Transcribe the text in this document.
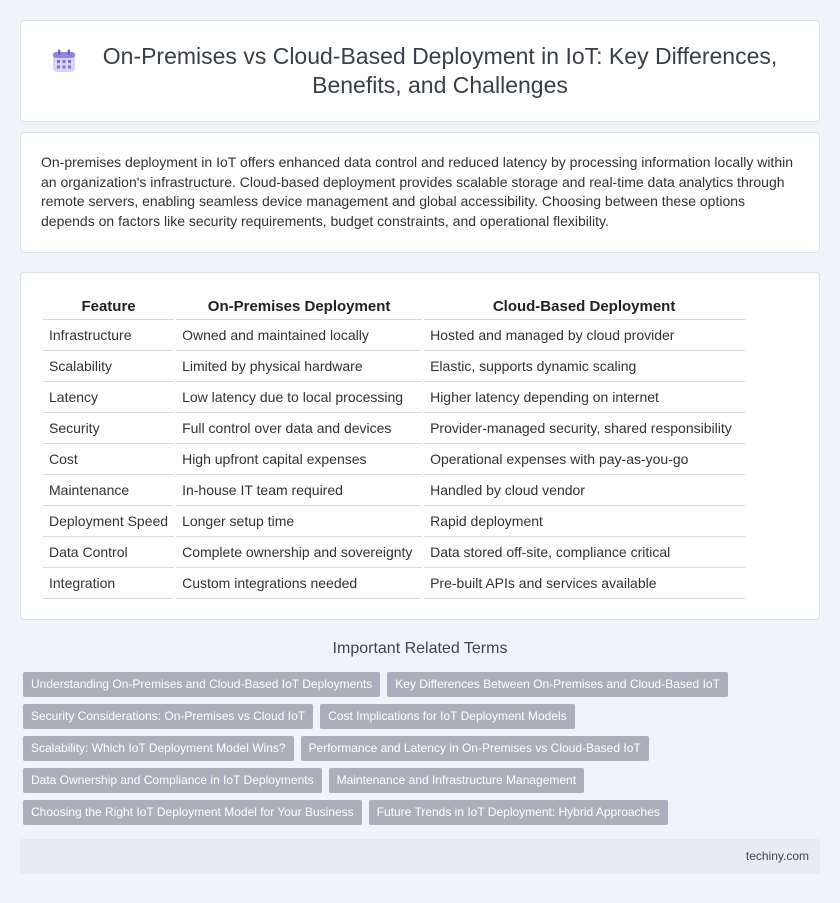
On-Premises vs Cloud-Based Deployment in IoT: Key Differences, Benefits, and Challenges

On-premises deployment in IoT offers enhanced data control and reduced latency by processing information locally within an organization's infrastructure. Cloud-based deployment provides scalable storage and real-time data analytics through remote servers, enabling seamless device management and global accessibility. Choosing between these options depends on factors like security requirements, budget constraints, and operational flexibility.

Feature	On-Premises Deployment	Cloud-Based Deployment
Infrastructure	Owned and maintained locally	Hosted and managed by cloud provider
Scalability	Limited by physical hardware	Elastic, supports dynamic scaling
Latency	Low latency due to local processing	Higher latency depending on internet
Security	Full control over data and devices	Provider-managed security, shared responsibility
Cost	High upfront capital expenses	Operational expenses with pay-as-you-go
Maintenance	In-house IT team required	Handled by cloud vendor
Deployment Speed	Longer setup time	Rapid deployment
Data Control	Complete ownership and sovereignty	Data stored off-site, compliance critical
Integration	Custom integrations needed	Pre-built APIs and services available
Important Related Terms
Understanding On-Premises and Cloud-Based IoT Deployments	Key Differences Between On-Premises and Cloud-Based IoT
Security Considerations: On-Premises vs Cloud IoT	Cost Implications for IoT Deployment Models
Scalability: Which IoT Deployment Model Wins?	Performance and Latency in On-Premises vs Cloud-Based IoT
Data Ownership and Compliance in IoT Deployments	Maintenance and Infrastructure Management
Choosing the Right IoT Deployment Model for Your Business	Future Trends in IoT Deployment: Hybrid Approaches
techiny.com
